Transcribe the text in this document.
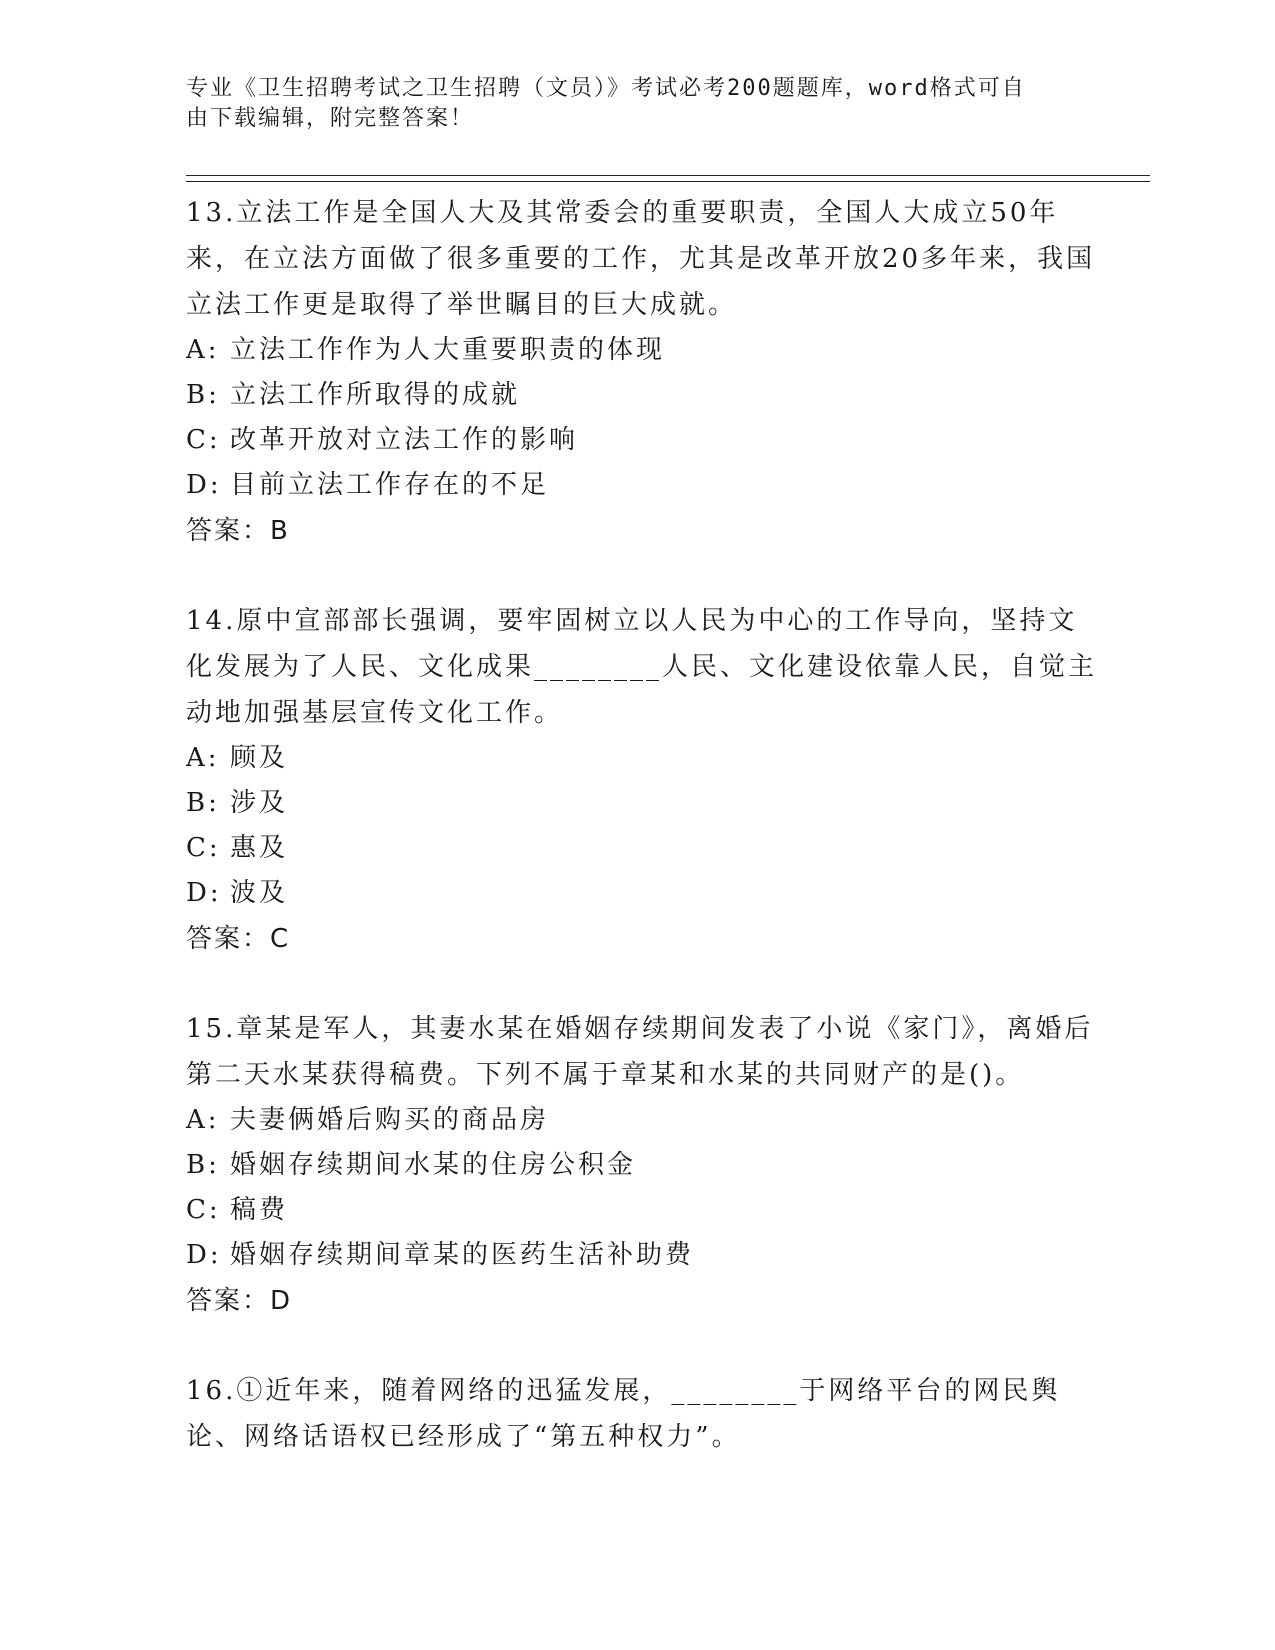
专业《卫生招聘考试之卫生招聘（文员）》考试必考200题题库，word格式可自
由下载编辑，附完整答案！

13.立法工作是全国人大及其常委会的重要职责，全国人大成立50年来，在立法方面做了很多重要的工作，尤其是改革开放20多年来，我国立法工作更是取得了举世瞩目的巨大成就。

A: 立法工作作为人大重要职责的体现

B: 立法工作所取得的成就

C: 改革开放对立法工作的影响

D: 目前立法工作存在的不足

答案：B

14.原中宣部部长强调，要牢固树立以人民为中心的工作导向，坚持文化发展为了人民、文化成果________人民、文化建设依靠人民，自觉主动地加强基层宣传文化工作。

A: 顾及

B: 涉及

C: 惠及

D: 波及

答案：C

15.章某是军人，其妻水某在婚姻存续期间发表了小说《家门》，离婚后第二天水某获得稿费。下列不属于章某和水某的共同财产的是()。

A: 夫妻俩婚后购买的商品房

B: 婚姻存续期间水某的住房公积金

C: 稿费

D: 婚姻存续期间章某的医药生活补助费

答案：D

16.①近年来，随着网络的迅猛发展，________于网络平台的网民舆论、网络话语权已经形成了“第五种权力”。
